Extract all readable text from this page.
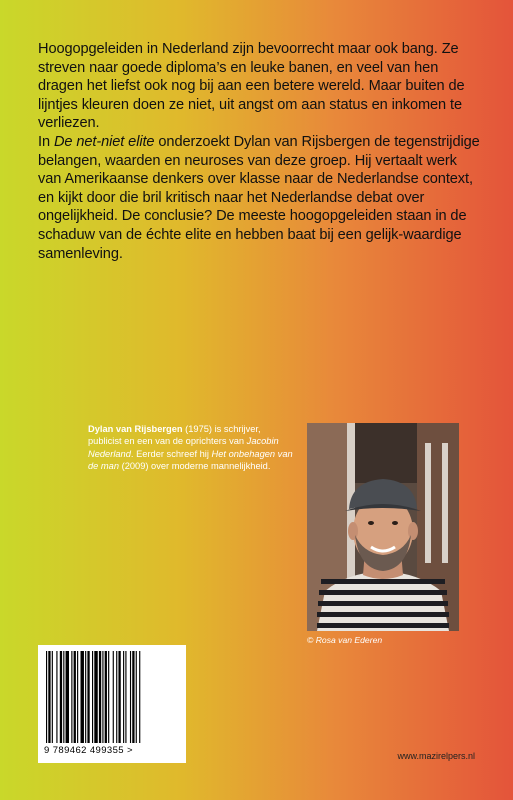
Hoogopgeleiden in Nederland zijn bevoorrecht maar ook bang. Ze streven naar goede diploma’s en leuke banen, en veel van hen dragen het liefst ook nog bij aan een betere wereld. Maar buiten de lijntjes kleuren doen ze niet, uit angst om aan status en inkomen te verliezen.

In De net-niet elite onderzoekt Dylan van Rijsbergen de tegenstrijdige belangen, waarden en neuroses van deze groep. Hij vertaalt werk van Amerikaanse denkers over klasse naar de Nederlandse context, en kijkt door die bril kritisch naar het Nederlandse debat over ongelijkheid. De conclusie? De meeste hoogopgeleiden staan in de schaduw van de échte elite en hebben baat bij een gelijk-waardige samenleving.

Dylan van Rijsbergen (1975) is schrijver, publicist en een van de oprichters van Jacobin Nederland. Eerder schreef hij Het onbehagen van de man (2009) over moderne mannelijkheid.

© Rosa van Ederen
9 789462 499355 >	www.mazirelpers.nl
